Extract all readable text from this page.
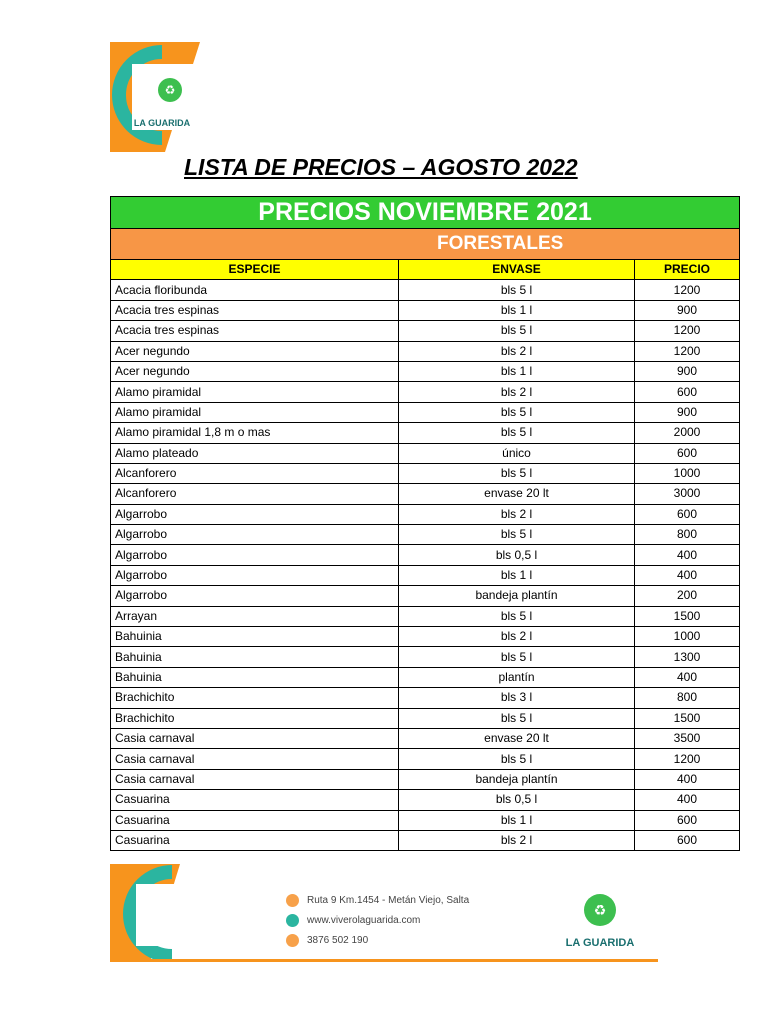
♻
LA GUARIDA
LISTA DE PRECIOS – AGOSTO 2022
PRECIOS NOVIEMBRE 2021		
FORESTALES		
ESPECIE	ENVASE	PRECIO
Acacia floribunda	bls 5 l	1200
Acacia tres espinas	bls 1 l	900
Acacia tres espinas	bls 5 l	1200
Acer negundo	bls 2 l	1200
Acer negundo	bls 1 l	900
Alamo piramidal	bls 2 l	600
Alamo piramidal	bls 5 l	900
Alamo piramidal 1,8 m o mas	bls 5 l	2000
Alamo plateado	único	600
Alcanforero	bls 5 l	1000
Alcanforero	envase 20 lt	3000
Algarrobo	bls 2 l	600
Algarrobo	bls 5 l	800
Algarrobo	bls 0,5 l	400
Algarrobo	bls 1 l	400
Algarrobo	bandeja plantín	200
Arrayan	bls 5 l	1500
Bahuinia	bls 2 l	1000
Bahuinia	bls 5 l	1300
Bahuinia	plantín	400
Brachichito	bls 3 l	800
Brachichito	bls 5 l	1500
Casia carnaval	envase 20 lt	3500
Casia carnaval	bls 5 l	1200
Casia carnaval	bandeja plantín	400
Casuarina	bls 0,5 l	400
Casuarina	bls 1 l	600
Casuarina	bls 2 l	600
Ruta 9 Km.1454 - Metán Viejo, Salta
www.viverolaguarida.com
3876 502 190
♻
LA GUARIDA
